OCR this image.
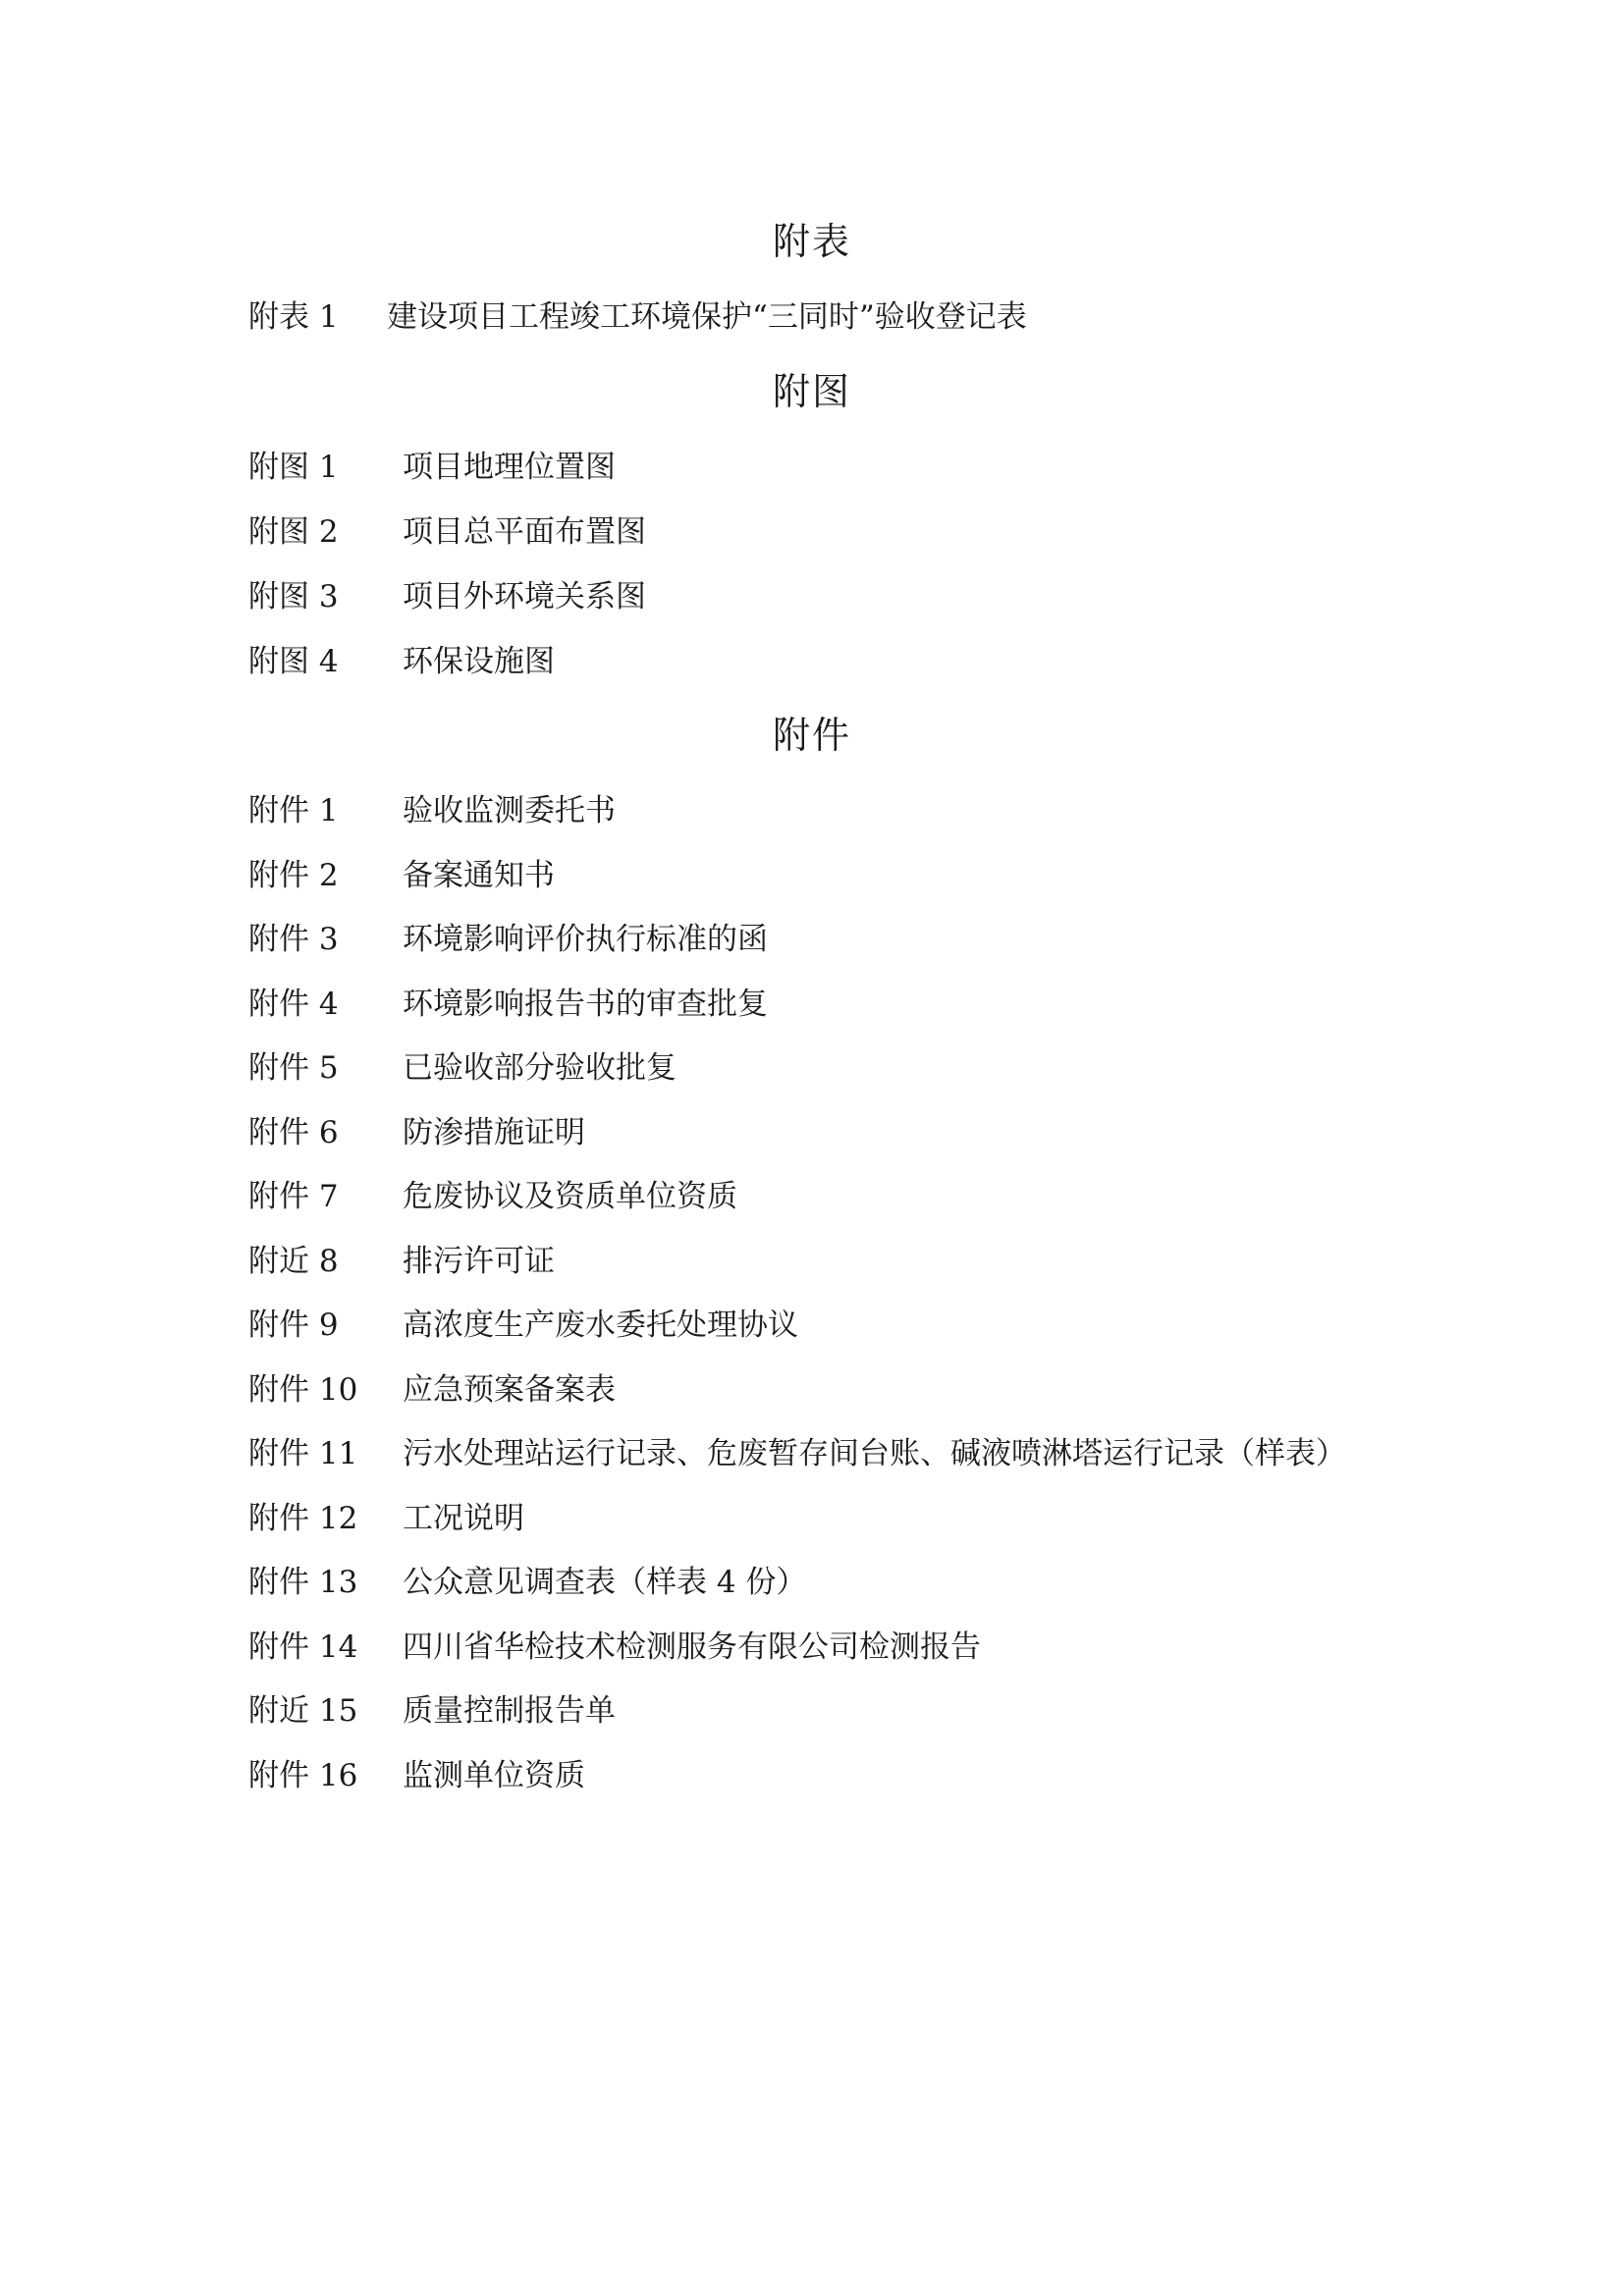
附表
附表 1 建设项目工程竣工环境保护“三同时”验收登记表
附图
附图 1 项目地理位置图
附图 2 项目总平面布置图
附图 3 项目外环境关系图
附图 4 环保设施图
附件
附件 1 验收监测委托书
附件 2 备案通知书
附件 3 环境影响评价执行标准的函
附件 4 环境影响报告书的审查批复
附件 5 已验收部分验收批复
附件 6 防渗措施证明
附件 7 危废协议及资质单位资质
附近 8 排污许可证
附件 9 高浓度生产废水委托处理协议
附件 10 应急预案备案表
附件 11 污水处理站运行记录、危废暂存间台账、碱液喷淋塔运行记录（样表）
附件 12 工况说明
附件 13 公众意见调查表（样表 4 份）
附件 14 四川省华检技术检测服务有限公司检测报告
附近 15 质量控制报告单
附件 16 监测单位资质
